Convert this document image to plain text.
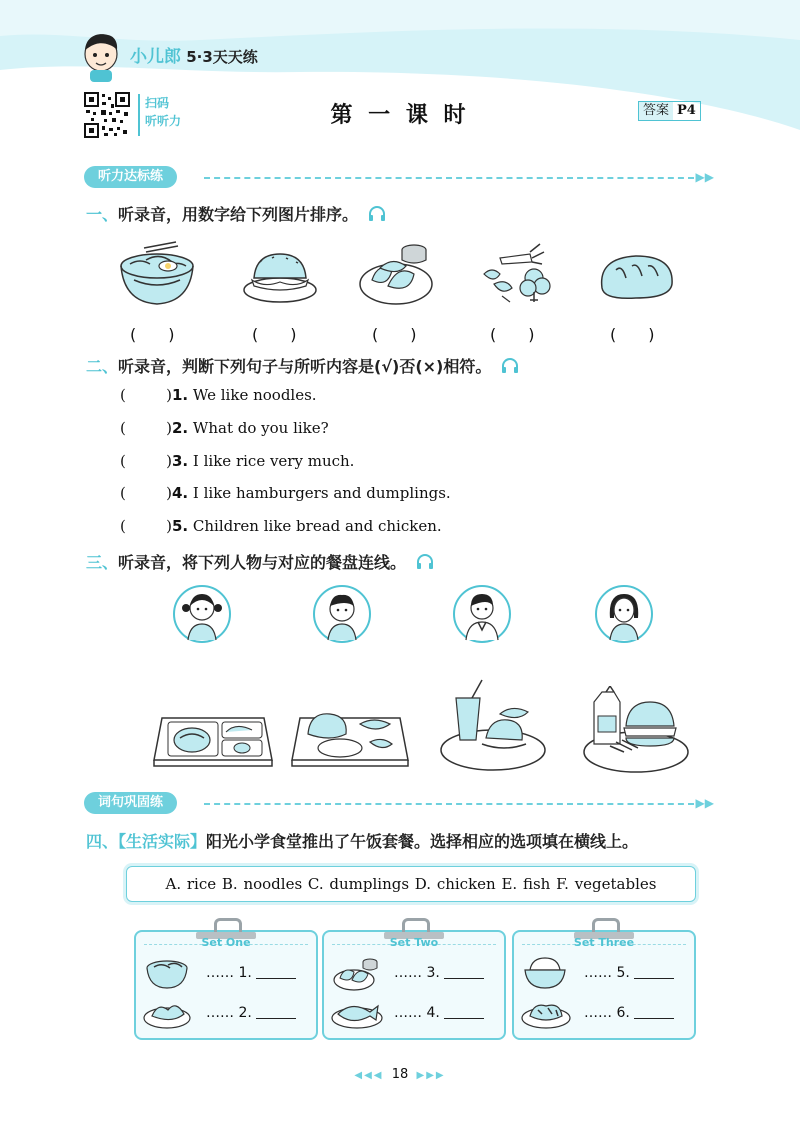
小儿郎 5·3天天练
扫码
听听力	第 一 课 时	答案 P4
听力达标练	▶▶
一、听录音，用数字给下列图片排序。
(　　)	(　　)	(　　)	(　　)	(　　)
二、听录音，判断下列句子与所听内容是(√)否(×)相符。
(	) 1. We like noodles.
(	) 2. What do you like?
(	) 3. I like rice very much.
(	) 4. I like hamburgers and dumplings.
(	) 5. Children like bread and chicken.
三、听录音，将下列人物与对应的餐盘连线。
词句巩固练	▶▶
四、【生活实际】阳光小学食堂推出了午饭套餐。选择相应的选项填在横线上。
A. rice B. noodles C. dumplings D. chicken E. fish F. vegetables
Set One
…… 1.
…… 2.
Set Two
…… 3.
…… 4.
Set Three
…… 5.
…… 6.
◀◀◀ 18 ▶▶▶
